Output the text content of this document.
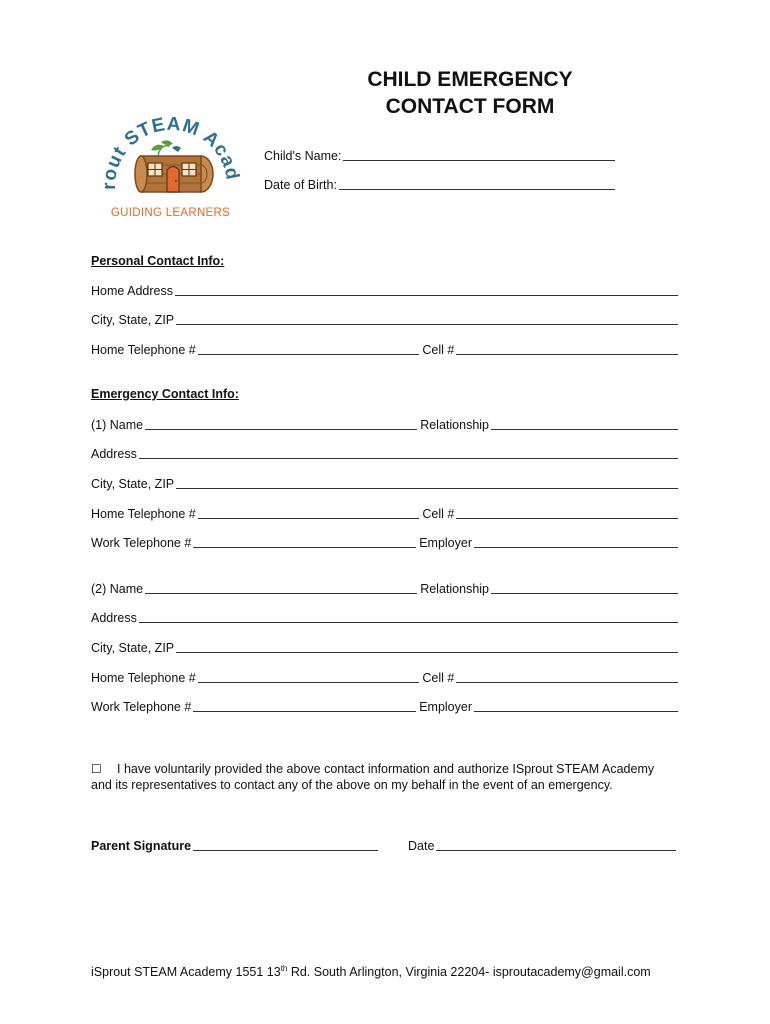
rout STEAM Acad
GUIDING LEARNERS
CHILD EMERGENCY
CONTACT FORM
Child's Name:
Date of Birth:
Personal Contact Info:
Home Address
City, State, ZIP
Home Telephone #	Cell #
Emergency Contact Info:
(1) Name	Relationship
Address
City, State, ZIP
Home Telephone #	Cell #
Work Telephone #	Employer
(2) Name	Relationship
Address
City, State, ZIP
Home Telephone #	Cell #
Work Telephone #	Employer
☐ I have voluntarily provided the above contact information and authorize ISprout STEAM Academy
and its representatives to contact any of the above on my behalf in the event of an emergency.
Parent Signature	Date
iSprout STEAM Academy 1551 13th Rd. South Arlington, Virginia 22204- isproutacademy@gmail.com
